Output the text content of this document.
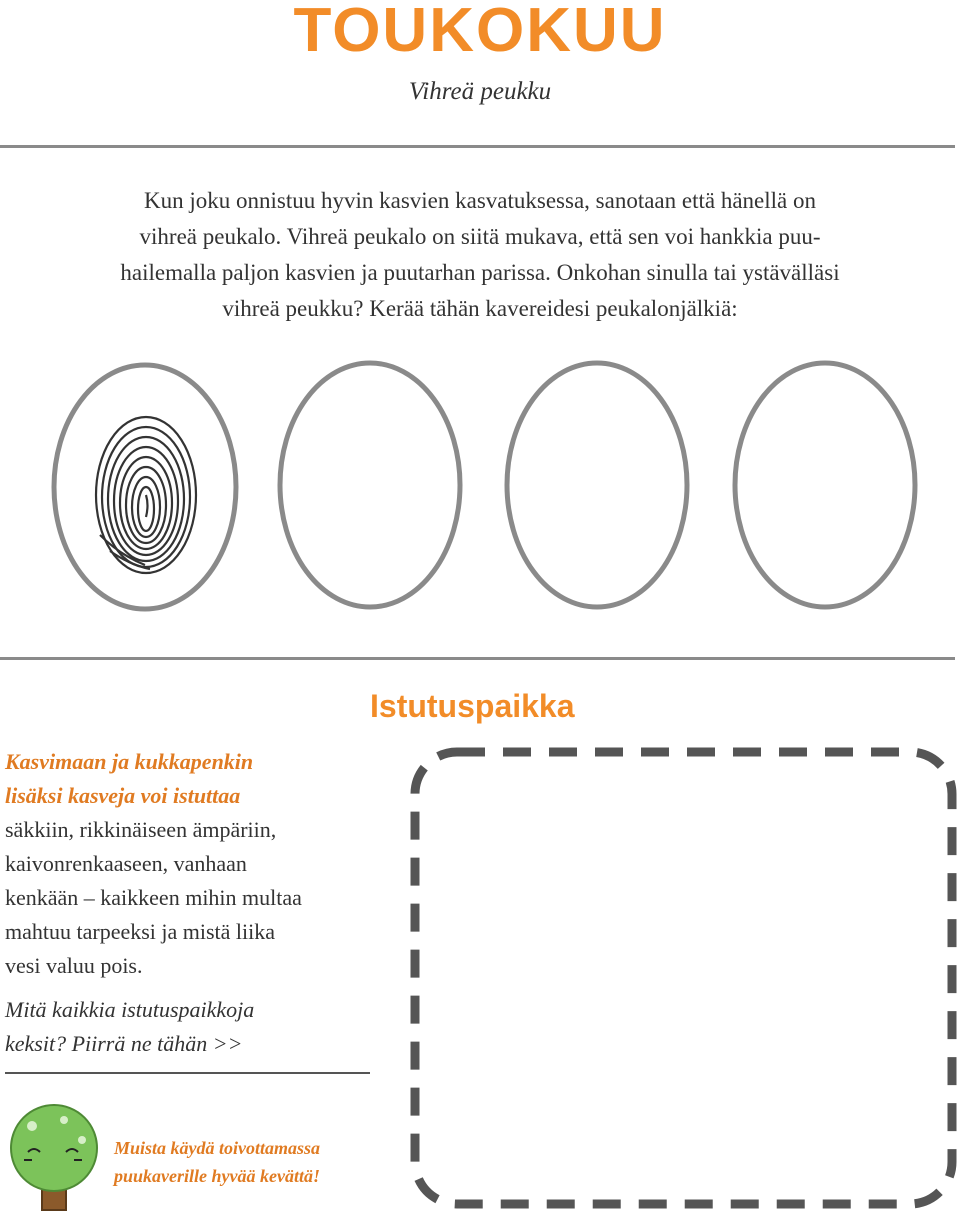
TOUKOKUU
Vihreä peukku

Kun joku onnistuu hyvin kasvien kasvatuksessa, sanotaan että hänellä on
vihreä peukalo. Vihreä peukalo on siitä mukava, että sen voi hankkia puu-
hailemalla paljon kasvien ja puutarhan parissa. Onkohan sinulla tai ystävälläsi
vihreä peukku? Kerää tähän kavereidesi peukalonjälkiä:

Istutuspaikka
Kasvimaan ja kukkapenkin
lisäksi kasveja voi istuttaa
säkkiin, rikkinäiseen ämpäriin,
kaivonrenkaaseen, vanhaan
kenkään – kaikkeen mihin multaa
mahtuu tarpeeksi ja mistä liika
vesi valuu pois.
Mitä kaikkia istutuspaikkoja
keksit? Piirrä ne tähän >>
Muista käydä toivottamassa
puukaverille hyvää kevättä!
